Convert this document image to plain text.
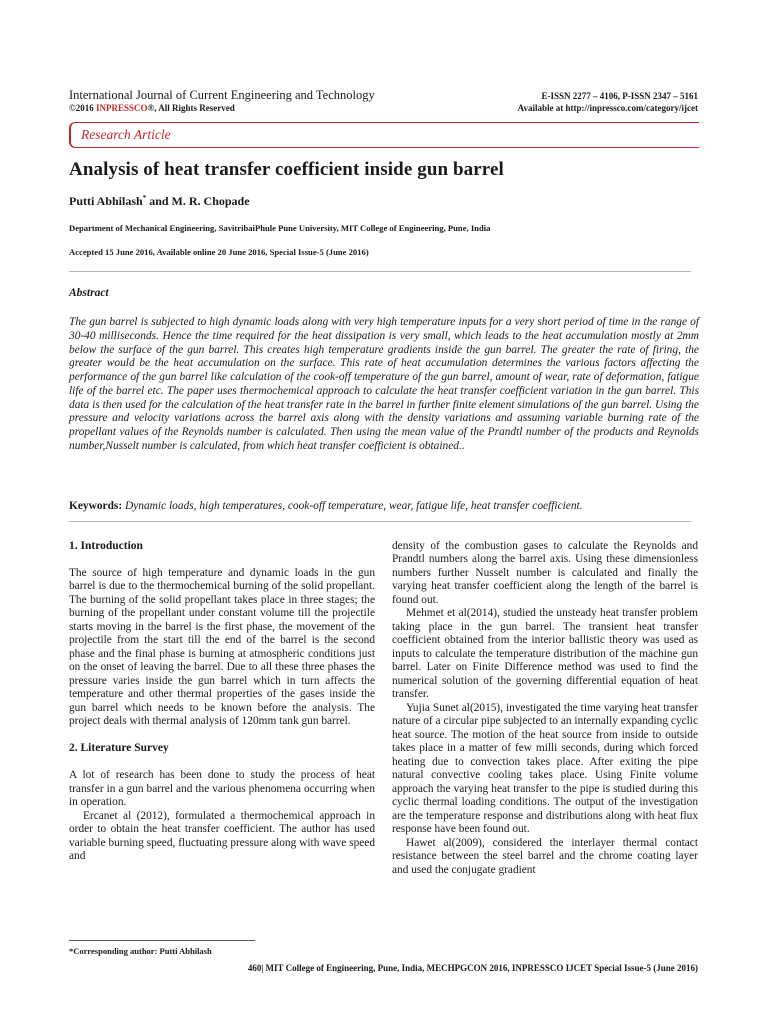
International Journal of Current Engineering and Technology
©2016 INPRESSCO®, All Rights Reserved
E-ISSN 2277 – 4106, P-ISSN 2347 – 5161
Available at http://inpressco.com/category/ijcet
Research Article
Analysis of heat transfer coefficient inside gun barrel
Putti Abhilash* and M. R. Chopade
Department of Mechanical Engineering, SavitribaiPhule Pune University, MIT College of Engineering, Pune, India
Accepted 15 June 2016, Available online 20 June 2016, Special Issue-5 (June 2016)
Abstract
The gun barrel is subjected to high dynamic loads along with very high temperature inputs for a very short period of time in the range of 30-40 milliseconds. Hence the time required for the heat dissipation is very small, which leads to the heat accumulation mostly at 2mm below the surface of the gun barrel. This creates high temperature gradients inside the gun barrel. The greater the rate of firing, the greater would be the heat accumulation on the surface. This rate of heat accumulation determines the various factors affecting the performance of the gun barrel like calculation of the cook-off temperature of the gun barrel, amount of wear, rate of deformation, fatigue life of the barrel etc. The paper uses thermochemical approach to calculate the heat transfer coefficient variation in the gun barrel. This data is then used for the calculation of the heat transfer rate in the barrel in further finite element simulations of the gun barrel. Using the pressure and velocity variations across the barrel axis along with the density variations and assuming variable burning rate of the propellant values of the Reynolds number is calculated. Then using the mean value of the Prandtl number of the products and Reynolds number,Nusselt number is calculated, from which heat transfer coefficient is obtained..
Keywords: Dynamic loads, high temperatures, cook-off temperature, wear, fatigue life, heat transfer coefficient.
1. Introduction

The source of high temperature and dynamic loads in the gun barrel is due to the thermochemical burning of the solid propellant. The burning of the solid propellant takes place in three stages; the burning of the propellant under constant volume till the projectile starts moving in the barrel is the first phase, the movement of the projectile from the start till the end of the barrel is the second phase and the final phase is burning at atmospheric conditions just on the onset of leaving the barrel. Due to all these three phases the pressure varies inside the gun barrel which in turn affects the temperature and other thermal properties of the gases inside the gun barrel which needs to be known before the analysis. The project deals with thermal analysis of 120mm tank gun barrel.

2. Literature Survey

A lot of research has been done to study the process of heat transfer in a gun barrel and the various phenomena occurring when in operation.

Ercanet al (2012), formulated a thermochemical approach in order to obtain the heat transfer coefficient. The author has used variable burning speed, fluctuating pressure along with wave speed and

density of the combustion gases to calculate the Reynolds and Prandtl numbers along the barrel axis. Using these dimensionless numbers further Nusselt number is calculated and finally the varying heat transfer coefficient along the length of the barrel is found out.

Mehmet et al(2014), studied the unsteady heat transfer problem taking place in the gun barrel. The transient heat transfer coefficient obtained from the interior ballistic theory was used as inputs to calculate the temperature distribution of the machine gun barrel. Later on Finite Difference method was used to find the numerical solution of the governing differential equation of heat transfer.

Yujia Sunet al(2015), investigated the time varying heat transfer nature of a circular pipe subjected to an internally expanding cyclic heat source. The motion of the heat source from inside to outside takes place in a matter of few milli seconds, during which forced heating due to convection takes place. After exiting the pipe natural convective cooling takes place. Using Finite volume approach the varying heat transfer to the pipe is studied during this cyclic thermal loading conditions. The output of the investigation are the temperature response and distributions along with heat flux response have been found out.

Hawet al(2009), considered the interlayer thermal contact resistance between the steel barrel and the chrome coating layer and used the conjugate gradient

*Corresponding author: Putti Abhilash
460| MIT College of Engineering, Pune, India, MECHPGCON 2016, INPRESSCO IJCET Special Issue-5 (June 2016)
